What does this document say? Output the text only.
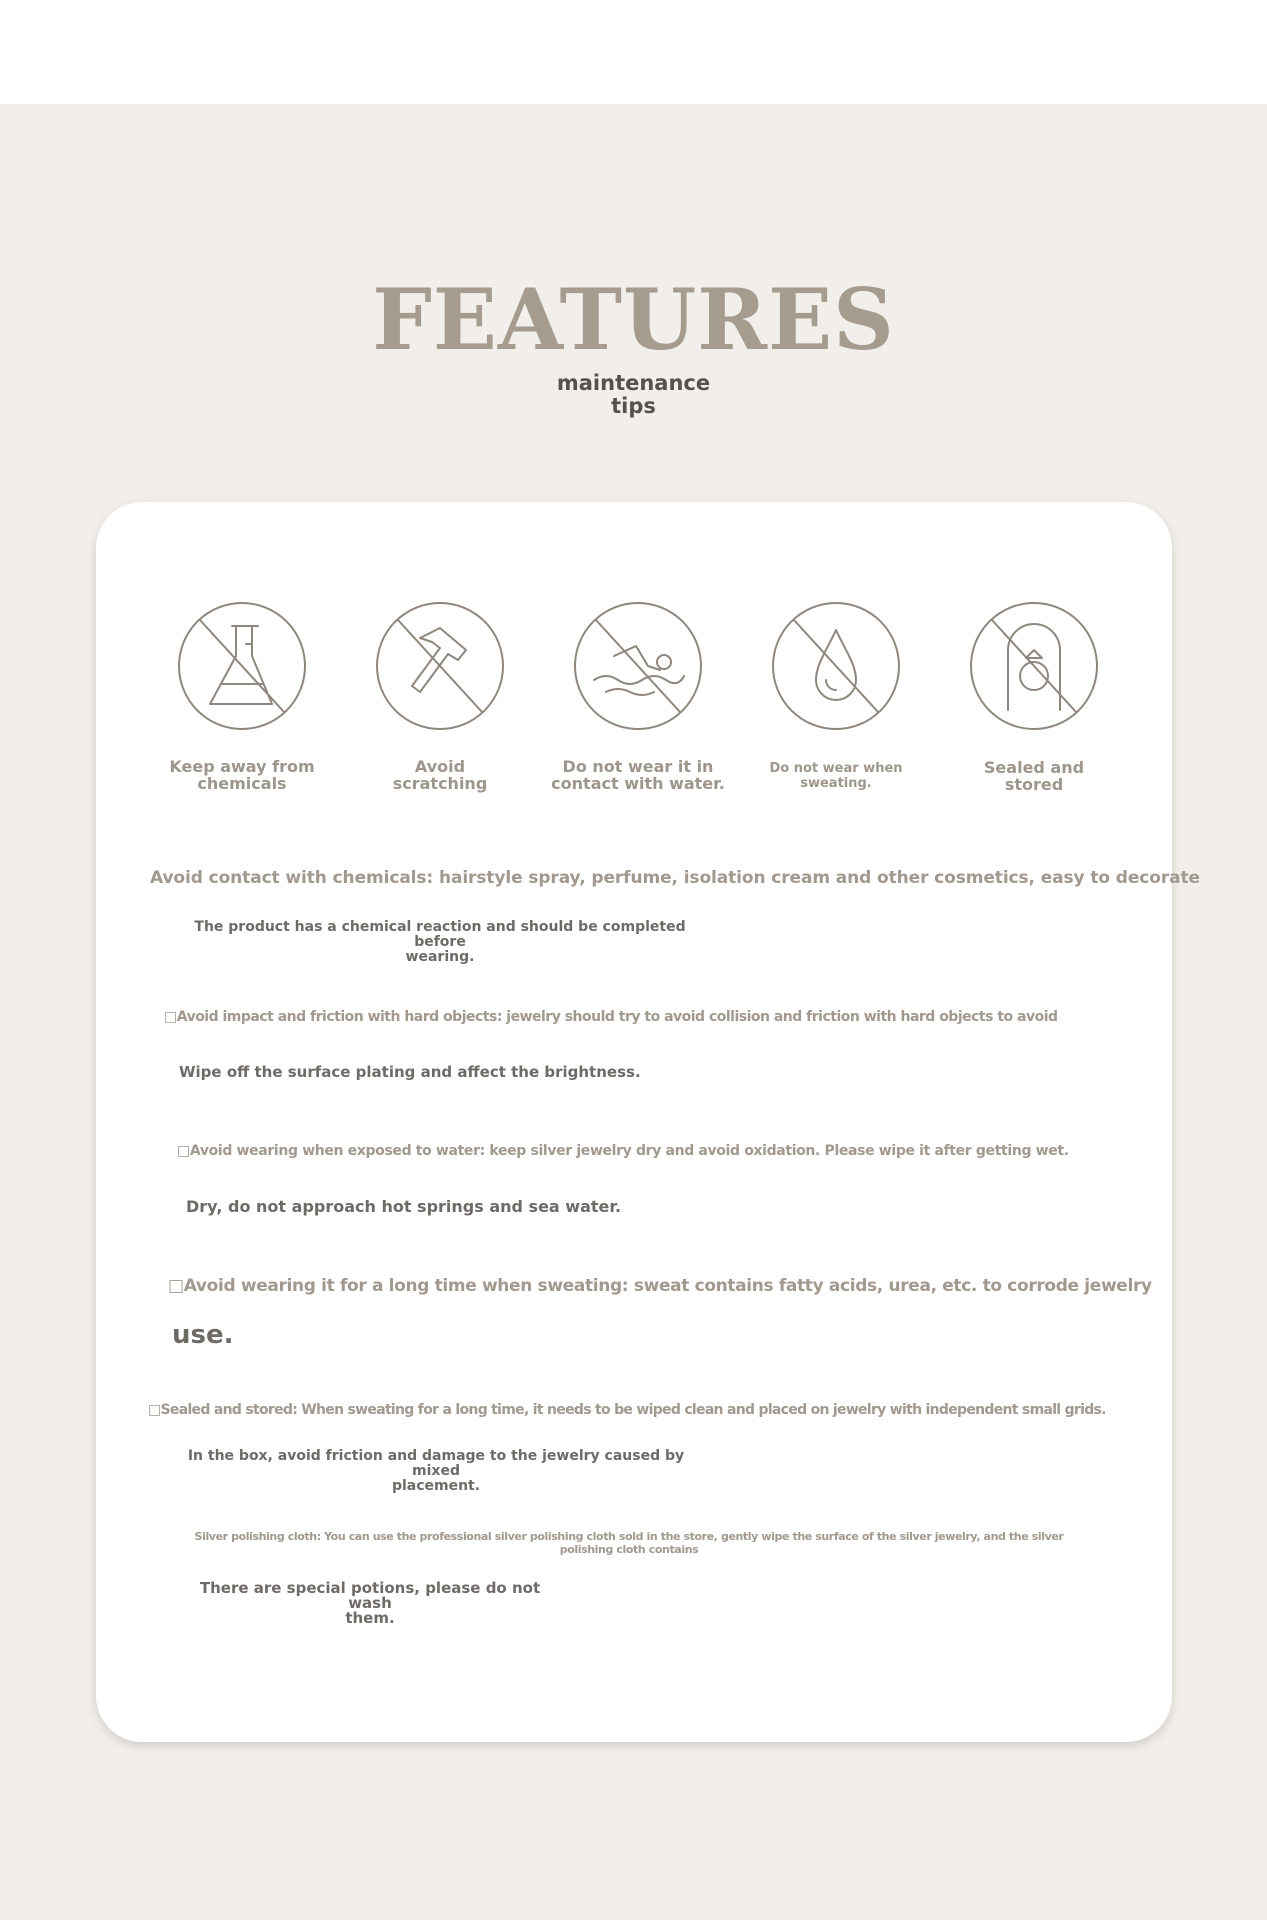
FEATURES
maintenance
tips
Keep away from
chemicals
Avoid
scratching
Do not wear it in
contact with water.
Do not wear when
sweating.
Sealed and
stored
Avoid contact with chemicals: hairstyle spray, perfume, isolation cream and other cosmetics, easy to decorate
The product has a chemical reaction and should be completed before
wearing.
□Avoid impact and friction with hard objects: jewelry should try to avoid collision and friction with hard objects to avoid
Wipe off the surface plating and affect the brightness.
□Avoid wearing when exposed to water: keep silver jewelry dry and avoid oxidation. Please wipe it after getting wet.
Dry, do not approach hot springs and sea water.
□Avoid wearing it for a long time when sweating: sweat contains fatty acids, urea, etc. to corrode jewelry
use.
□Sealed and stored: When sweating for a long time, it needs to be wiped clean and placed on jewelry with independent small grids.
In the box, avoid friction and damage to the jewelry caused by mixed
placement.
Silver polishing cloth: You can use the professional silver polishing cloth sold in the store, gently wipe the surface of the silver jewelry, and the silver
polishing cloth contains
There are special potions, please do not wash
them.
